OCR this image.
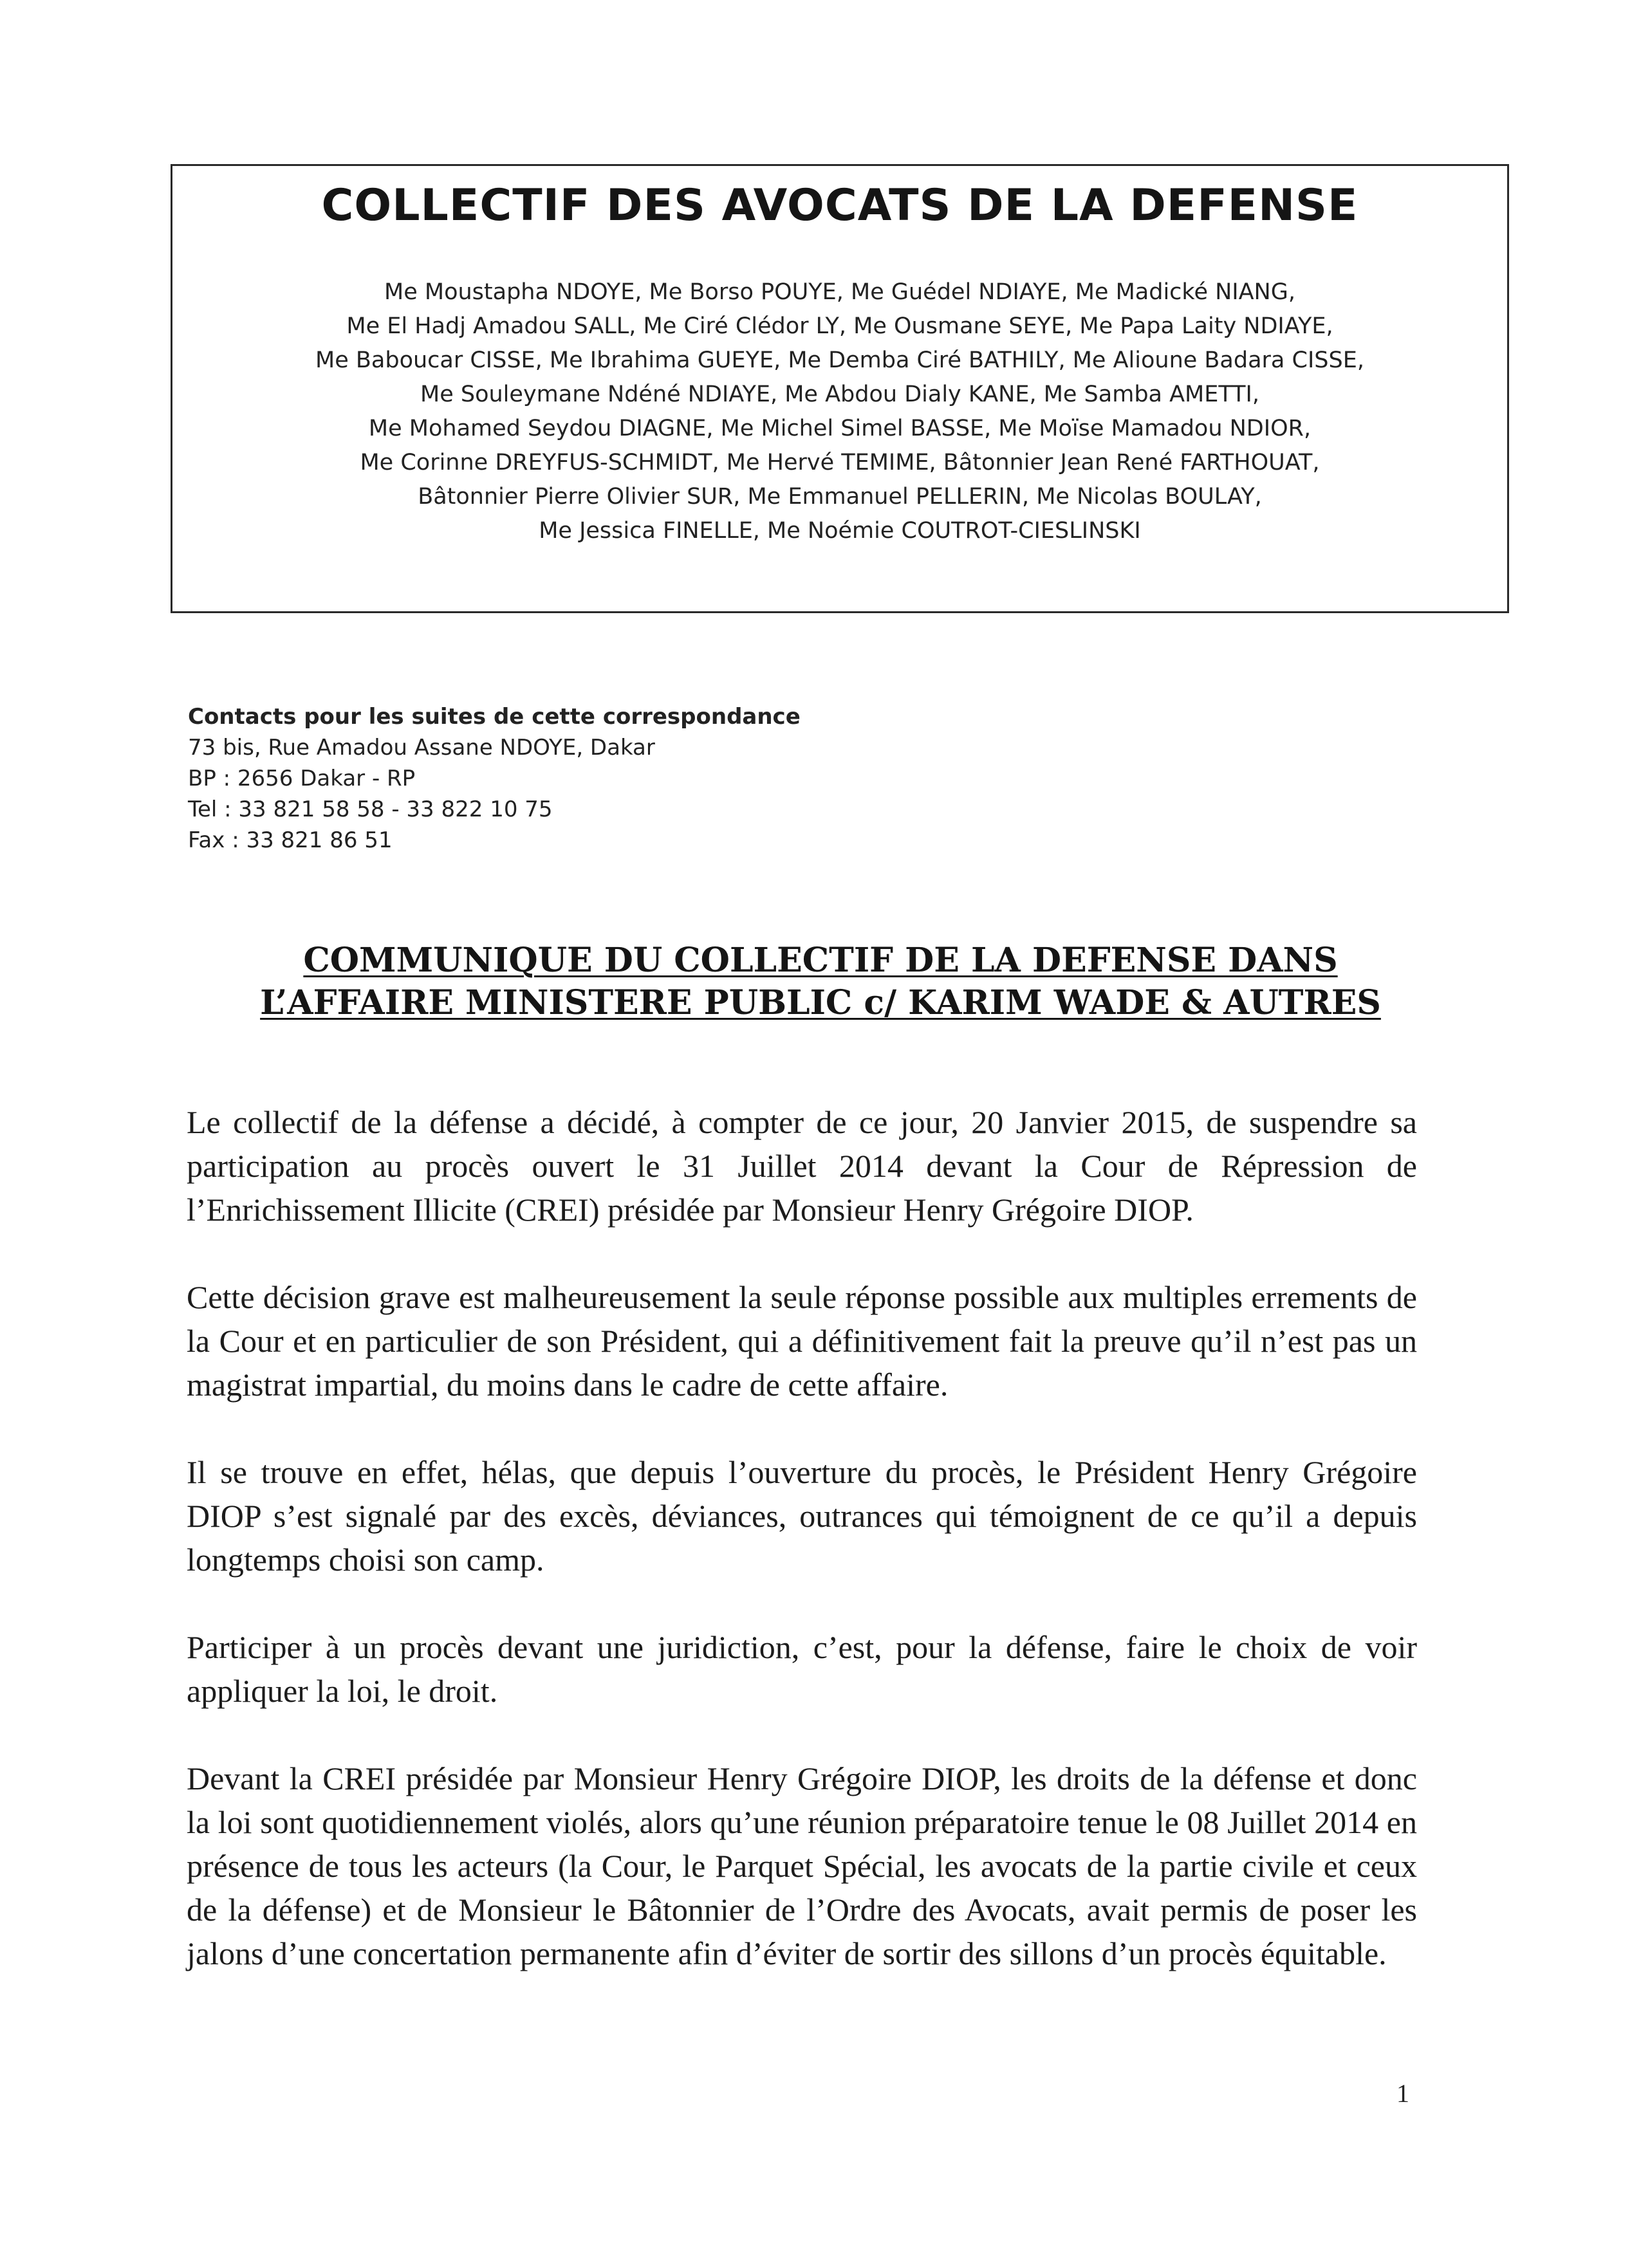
COLLECTIF DES AVOCATS DE LA DEFENSE
Me Moustapha NDOYE, Me Borso POUYE, Me Guédel NDIAYE, Me Madické NIANG,
Me El Hadj Amadou SALL, Me Ciré Clédor LY, Me Ousmane SEYE, Me Papa Laity NDIAYE,
Me Baboucar CISSE, Me Ibrahima GUEYE, Me Demba Ciré BATHILY, Me Alioune Badara CISSE,
Me Souleymane Ndéné NDIAYE, Me Abdou Dialy KANE, Me Samba AMETTI,
Me Mohamed Seydou DIAGNE, Me Michel Simel BASSE, Me Moïse Mamadou NDIOR,
Me Corinne DREYFUS-SCHMIDT, Me Hervé TEMIME, Bâtonnier Jean René FARTHOUAT,
Bâtonnier Pierre Olivier SUR, Me Emmanuel PELLERIN, Me Nicolas BOULAY,
Me Jessica FINELLE, Me Noémie COUTROT-CIESLINSKI
Contacts pour les suites de cette correspondance
73 bis, Rue Amadou Assane NDOYE, Dakar
BP : 2656 Dakar - RP
Tel : 33 821 58 58 - 33 822 10 75
Fax : 33 821 86 51
COMMUNIQUE DU COLLECTIF DE LA DEFENSE DANS
L’AFFAIRE MINISTERE PUBLIC c/ KARIM WADE & AUTRES

Le collectif de la défense a décidé, à compter de ce jour, 20 Janvier 2015, de suspendre sa participation au procès ouvert le 31 Juillet 2014 devant la Cour de Répression de l’Enrichissement Illicite (CREI) présidée par Monsieur Henry Grégoire DIOP.

Cette décision grave est malheureusement la seule réponse possible aux multiples errements de la Cour et en particulier de son Président, qui a définitivement fait la preuve qu’il n’est pas un magistrat impartial, du moins dans le cadre de cette affaire.

Il se trouve en effet, hélas, que depuis l’ouverture du procès, le Président Henry Grégoire DIOP s’est signalé par des excès, déviances, outrances qui témoignent de ce qu’il a depuis longtemps choisi son camp.

Participer à un procès devant une juridiction, c’est, pour la défense, faire le choix de voir appliquer la loi, le droit.

Devant la CREI présidée par Monsieur Henry Grégoire DIOP, les droits de la défense et donc la loi sont quotidiennement violés, alors qu’une réunion préparatoire tenue le 08 Juillet 2014 en présence de tous les acteurs (la Cour, le Parquet Spécial, les avocats de la partie civile et ceux de la défense) et de Monsieur le Bâtonnier de l’Ordre des Avocats, avait permis de poser les jalons d’une concertation permanente afin d’éviter de sortir des sillons d’un procès équitable.

1
